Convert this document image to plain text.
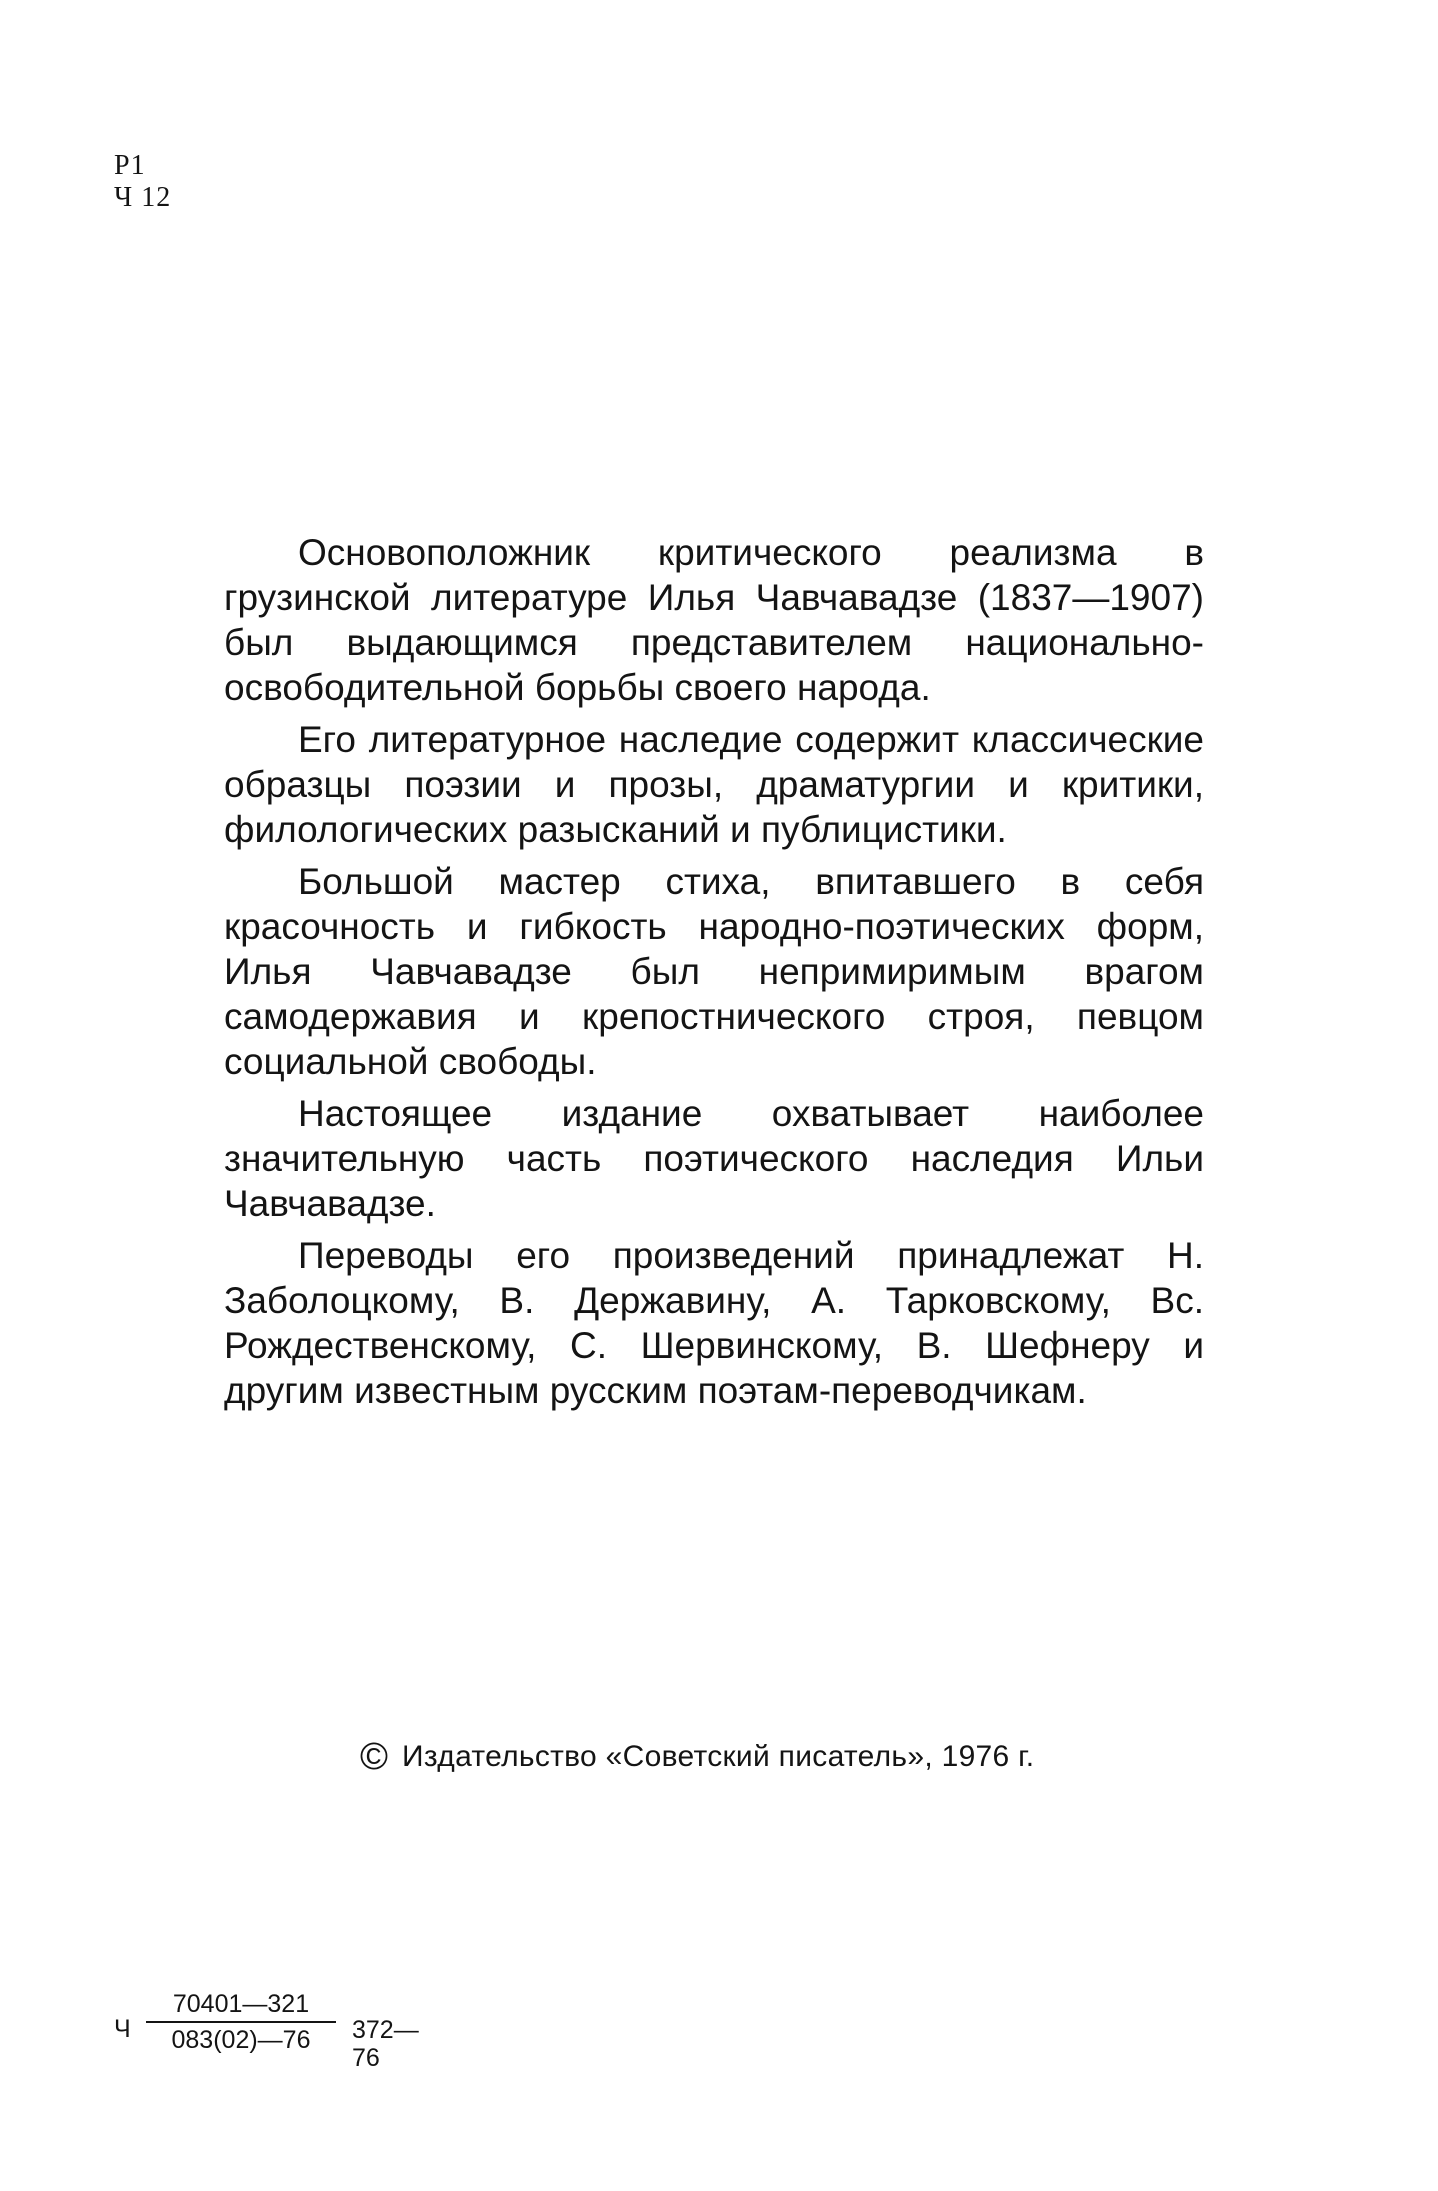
Р1
Ч 12

Основоположник критического реализма в грузинской литературе Илья Чавчавадзе (1837—1907) был выдающимся представителем национально-освободительной борьбы своего народа.

Его литературное наследие содержит классические образцы поэзии и прозы, драматургии и критики, филологических разысканий и публицистики.

Большой мастер стиха, впитавшего в себя красочность и гибкость народно-поэтических форм, Илья Чавчавадзе был непримиримым врагом самодержавия и крепостнического строя, певцом социальной свободы.

Настоящее издание охватывает наиболее значительную часть поэтического наследия Ильи Чавчавадзе.

Переводы его произведений принадлежат Н. Заболоцкому, В. Державину, А. Тарковскому, Вс. Рождественскому, С. Шервинскому, В. Шефнеру и другим известным русским поэтам-переводчикам.

© Издательство «Советский писатель», 1976 г.
Ч $\frac{70401—321}{083(02)—76}$ 372—76
